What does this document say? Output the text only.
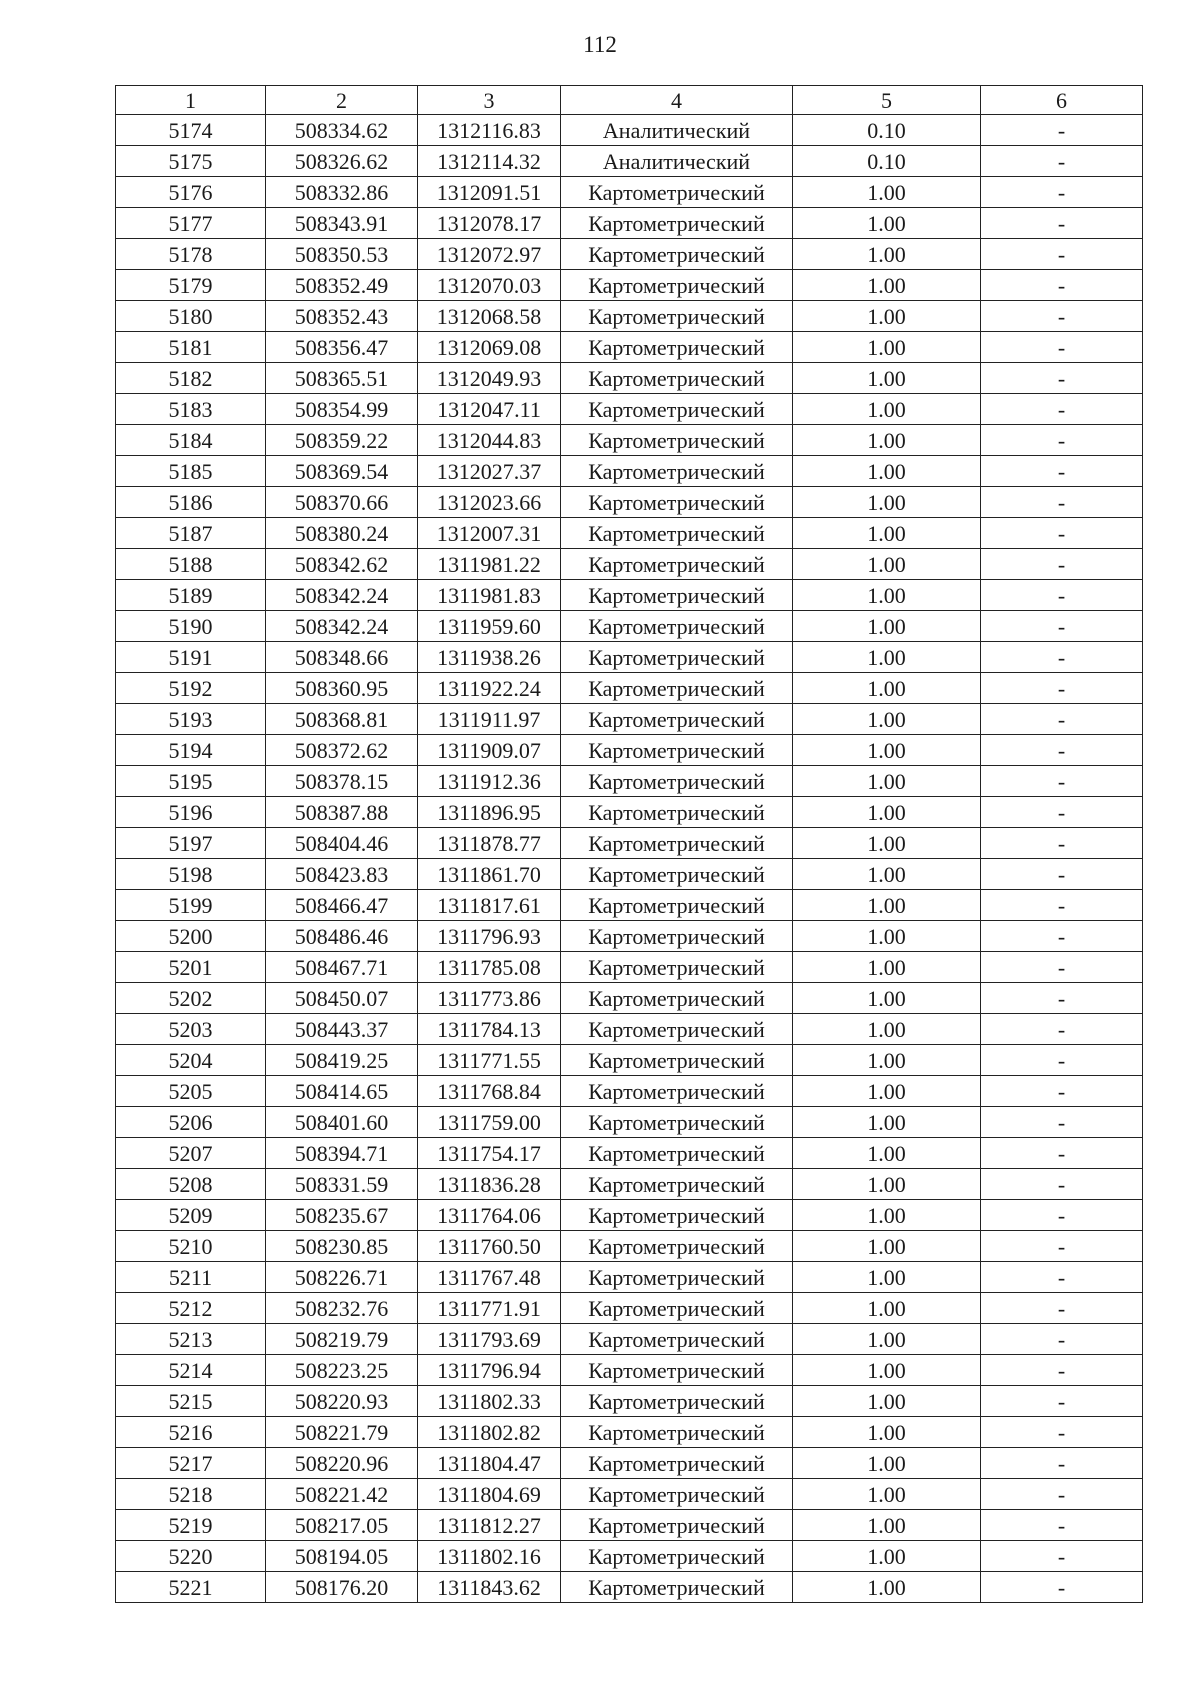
112
1	2	3	4	5	6
5174	508334.62	1312116.83	Аналитический	0.10	-
5175	508326.62	1312114.32	Аналитический	0.10	-
5176	508332.86	1312091.51	Картометрический	1.00	-
5177	508343.91	1312078.17	Картометрический	1.00	-
5178	508350.53	1312072.97	Картометрический	1.00	-
5179	508352.49	1312070.03	Картометрический	1.00	-
5180	508352.43	1312068.58	Картометрический	1.00	-
5181	508356.47	1312069.08	Картометрический	1.00	-
5182	508365.51	1312049.93	Картометрический	1.00	-
5183	508354.99	1312047.11	Картометрический	1.00	-
5184	508359.22	1312044.83	Картометрический	1.00	-
5185	508369.54	1312027.37	Картометрический	1.00	-
5186	508370.66	1312023.66	Картометрический	1.00	-
5187	508380.24	1312007.31	Картометрический	1.00	-
5188	508342.62	1311981.22	Картометрический	1.00	-
5189	508342.24	1311981.83	Картометрический	1.00	-
5190	508342.24	1311959.60	Картометрический	1.00	-
5191	508348.66	1311938.26	Картометрический	1.00	-
5192	508360.95	1311922.24	Картометрический	1.00	-
5193	508368.81	1311911.97	Картометрический	1.00	-
5194	508372.62	1311909.07	Картометрический	1.00	-
5195	508378.15	1311912.36	Картометрический	1.00	-
5196	508387.88	1311896.95	Картометрический	1.00	-
5197	508404.46	1311878.77	Картометрический	1.00	-
5198	508423.83	1311861.70	Картометрический	1.00	-
5199	508466.47	1311817.61	Картометрический	1.00	-
5200	508486.46	1311796.93	Картометрический	1.00	-
5201	508467.71	1311785.08	Картометрический	1.00	-
5202	508450.07	1311773.86	Картометрический	1.00	-
5203	508443.37	1311784.13	Картометрический	1.00	-
5204	508419.25	1311771.55	Картометрический	1.00	-
5205	508414.65	1311768.84	Картометрический	1.00	-
5206	508401.60	1311759.00	Картометрический	1.00	-
5207	508394.71	1311754.17	Картометрический	1.00	-
5208	508331.59	1311836.28	Картометрический	1.00	-
5209	508235.67	1311764.06	Картометрический	1.00	-
5210	508230.85	1311760.50	Картометрический	1.00	-
5211	508226.71	1311767.48	Картометрический	1.00	-
5212	508232.76	1311771.91	Картометрический	1.00	-
5213	508219.79	1311793.69	Картометрический	1.00	-
5214	508223.25	1311796.94	Картометрический	1.00	-
5215	508220.93	1311802.33	Картометрический	1.00	-
5216	508221.79	1311802.82	Картометрический	1.00	-
5217	508220.96	1311804.47	Картометрический	1.00	-
5218	508221.42	1311804.69	Картометрический	1.00	-
5219	508217.05	1311812.27	Картометрический	1.00	-
5220	508194.05	1311802.16	Картометрический	1.00	-
5221	508176.20	1311843.62	Картометрический	1.00	-
